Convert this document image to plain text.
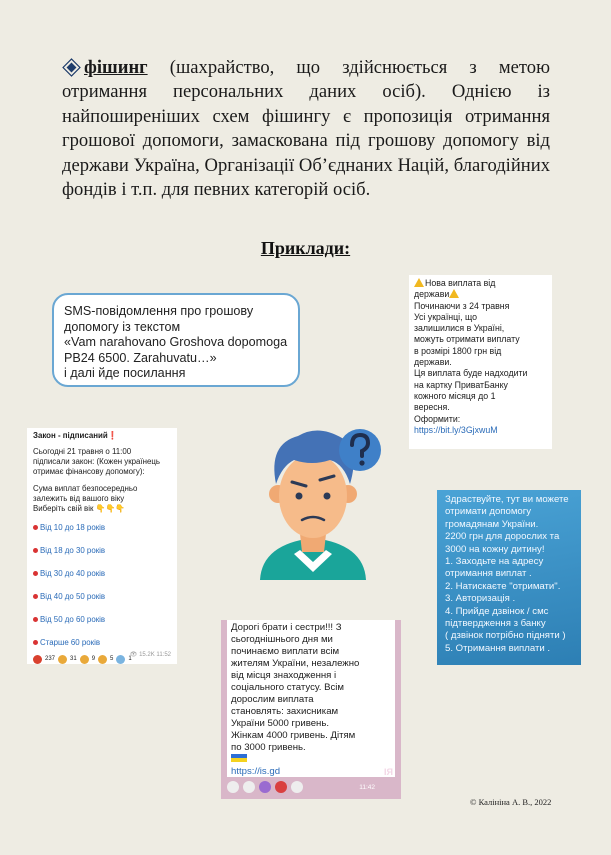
фішинг (шахрайство, що здійснюється з метою отримання персональних даних осіб). Однією із найпоширеніших схем фішингу є пропозиція отримання грошової допомоги, замаскована під грошову допомогу від держави Україна, Організації Об’єднаних Націй, благодійних фондів і т.п. для певних категорій осіб.

Приклади:
SMS-повідомлення про грошову
допомогу із текстом
«Vam narahovano Groshova dopomoga
PB24 6500. Zarahuvatu…»
і далі йде посилання
Нова виплата від
держави
Починаючи з 24 травня
Усі українці, що
залишилися в Україні,
можуть отримати виплату
в розмірі 1800 грн від
держави.
Ця виплата буде надходити
на картку ПриватБанку
кожного місяця до 1
вересня.
Оформити:
https://bit.ly/3GjxwuM
Закон - підписаний❗
Сьогодні 21 травня о 11:00
підписали закон: (Кожен українець
отримає фінансову допомогу):
Сума виплат безпосередньо
залежить від вашого віку
Виберіть свій вік 👇👇👇
Від 10 до 18 років
Від 18 до 30 років
Від 30 до 40 років
Від 40 до 50 років
Від 50 до 60 років
Старше 60 років
237	31	9	5	1
👁 15.2K 11:52
Здраствуйте, тут ви можете
отримати допомогу
громадянам України.
2200 грн для дорослих та
3000 на кожну дитину!
1. Заходьте на адресу
отримання виплат .
2. Натискаєте "отримати".
3. Авторизація .
4. Прийде дзвінок / смс
підтвердження з банку
( дзвінок потрібно підняти )
5. Отримання виплати .
Дорогі брати і сестри!!! З
сьогоднішнього дня ми
починаємо виплати всім
жителям України, незалежно
від місця знаходження і
соціального статусу. Всім
дорослим виплата
становлять: захисникам
України 5000 гривень.
Жінкам 4000 гривень. Дітям
по 3000 гривень.
https://is.gd	ІЯ
11:42
© Калініна А. В., 2022
